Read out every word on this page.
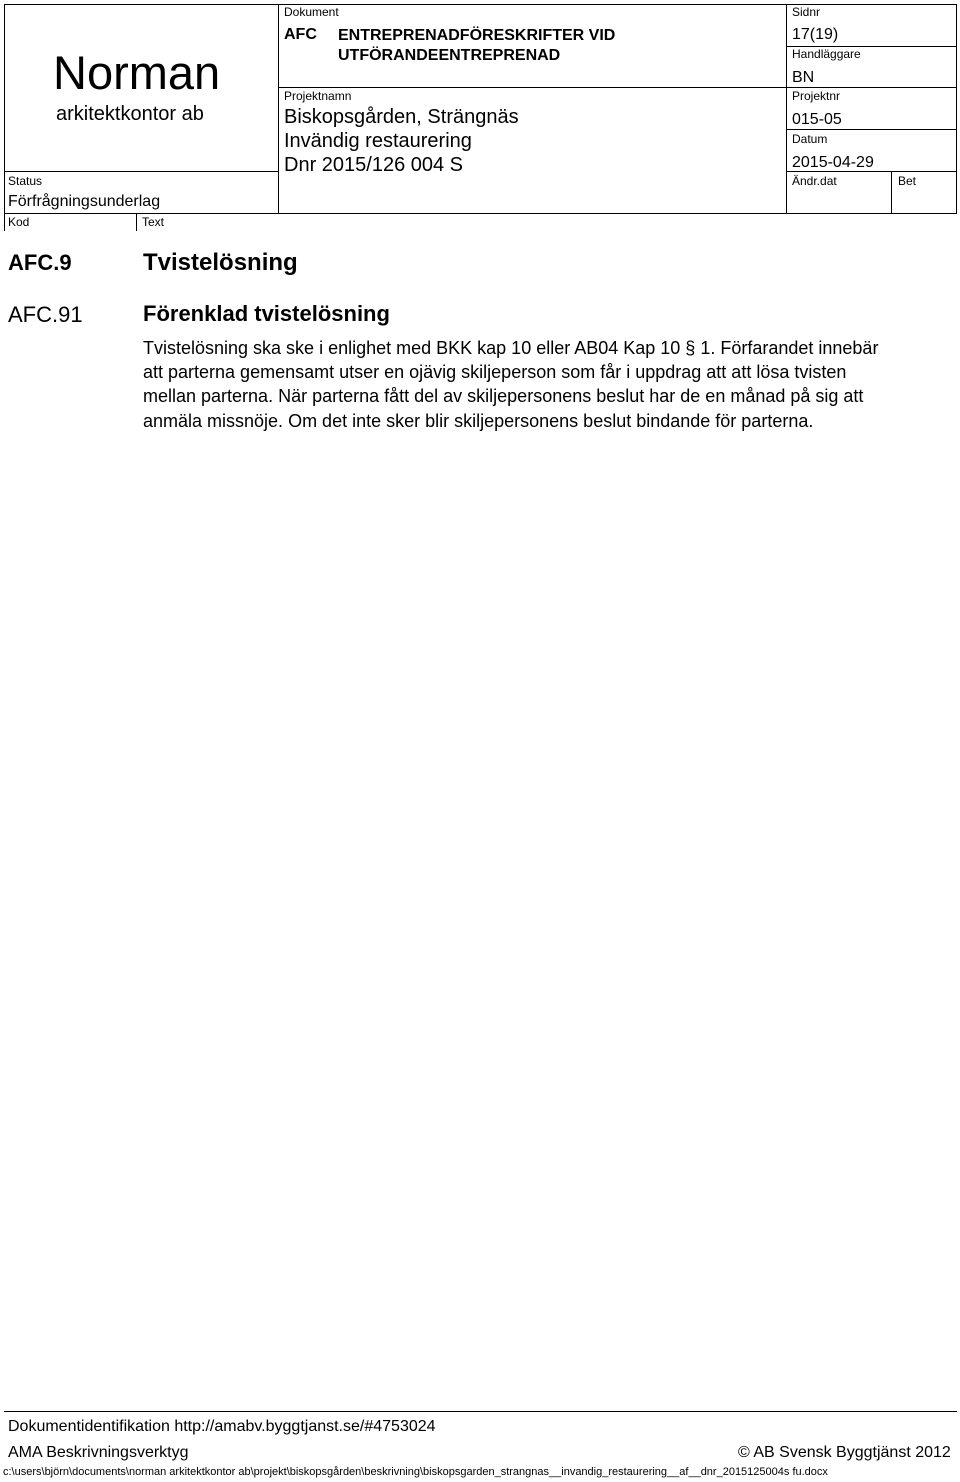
Norman
arkitektkontor ab
Status
Förfrågningsunderlag
Kod	Text
Dokument
AFC ENTREPRENADFÖRESKRIFTER VID UTFÖRANDEENTREPRENAD
Projektnamn
Biskopsgården, Strängnäs
Invändig restaurering
Dnr 2015/126 004 S
Sidnr
17(19)
Handläggare
BN
Projektnr
015-05
Datum
2015-04-29
Ändr.dat	Bet
AFC.9	Tvistelösning
AFC.91	Förenklad tvistelösning

Tvistelösning ska ske i enlighet med BKK kap 10 eller AB04 Kap 10 § 1. Förfarandet innebär att parterna gemensamt utser en ojävig skiljeperson som får i uppdrag att att lösa tvisten mellan parterna. När parterna fått del av skiljepersonens beslut har de en månad på sig att anmäla missnöje. Om det inte sker blir skiljepersonens beslut bindande för parterna.

Dokumentidentifikation http://amabv.byggtjanst.se/#4753024
AMA Beskrivningsverktyg	© AB Svensk Byggtjänst 2012
c:\users\björn\documents\norman arkitektkontor ab\projekt\biskopsgården\beskrivning\biskopsgarden_strangnas__invandig_restaurering__af__dnr_2015125004s fu.docx
